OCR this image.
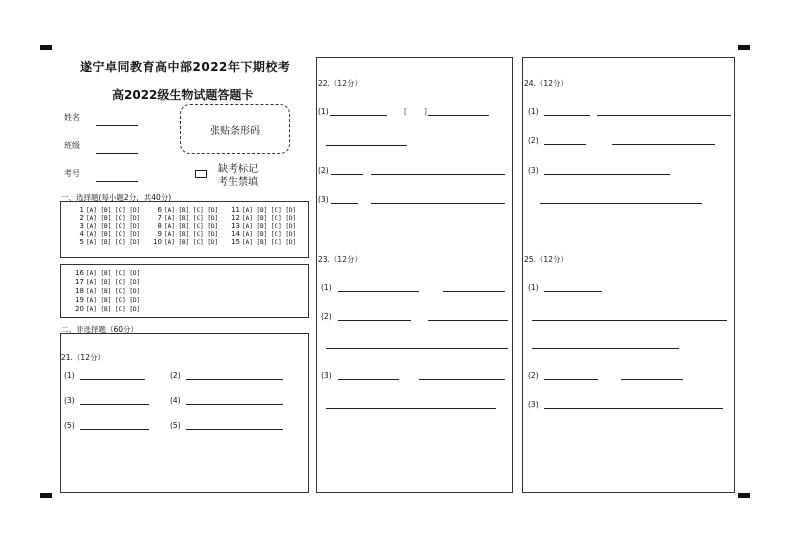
遂宁卓同教育高中部2022年下期校考
高2022级生物试题答题卡
姓名
班级
考号
张贴条形码
缺考标记
考生禁填
一、选择题(每小题2分，共40分)
1 [A] [B] [C] [D]
2 [A] [B] [C] [D]
3 [A] [B] [C] [D]
4 [A] [B] [C] [D]
5 [A] [B] [C] [D]
6 [A] [B] [C] [D]
7 [A] [B] [C] [D]
8 [A] [B] [C] [D]
9 [A] [B] [C] [D]
10 [A] [B] [C] [D]
11 [A] [B] [C] [D]
12 [A] [B] [C] [D]
13 [A] [B] [C] [D]
14 [A] [B] [C] [D]
15 [A] [B] [C] [D]
16 [A] [B] [C] [D]
17 [A] [B] [C] [D]
18 [A] [B] [C] [D]
19 [A] [B] [C] [D]
20 [A] [B] [C] [D]
二、非选择题（60分）
21.（12分）
(1)	(2)
(3)	(4)
(5)	(5)
22.（12分）
(1)	[ ]
(2)
(3)
23.（12分）
(1)
(2)
(3)
24.（12分）
(1)
(2)
(3)
25.（12分）
(1)
(2)
(3)
